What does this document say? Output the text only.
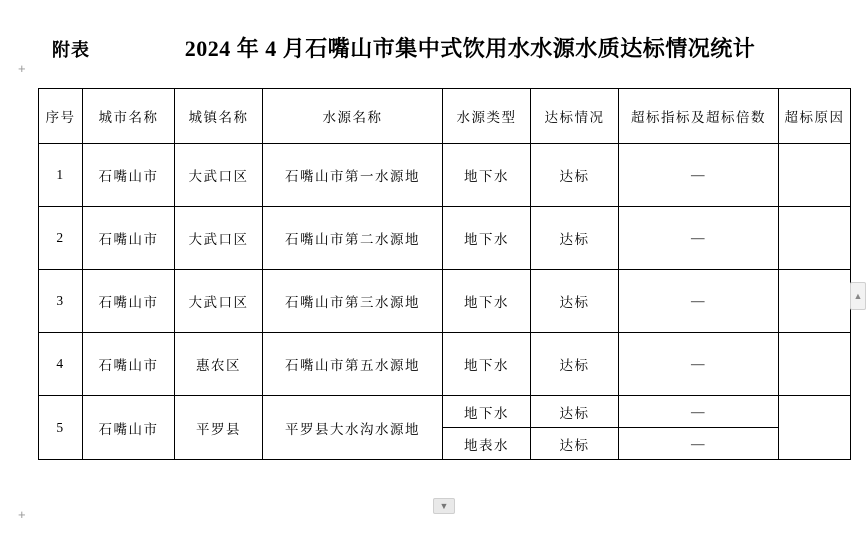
+
+
附表	2024 年 4 月石嘴山市集中式饮用水水源水质达标情况统计
序号	城市名称	城镇名称	水源名称	水源类型	达标情况	超标指标及超标倍数	超标原因
1	石嘴山市	大武口区	石嘴山市第一水源地	地下水	达标	—	
2	石嘴山市	大武口区	石嘴山市第二水源地	地下水	达标	—	
3	石嘴山市	大武口区	石嘴山市第三水源地	地下水	达标	—	
4	石嘴山市	惠农区	石嘴山市第五水源地	地下水	达标	—	
5	石嘴山市	平罗县	平罗县大水沟水源地	地下水	达标	—	
				地表水	达标	—	
▲
▼
